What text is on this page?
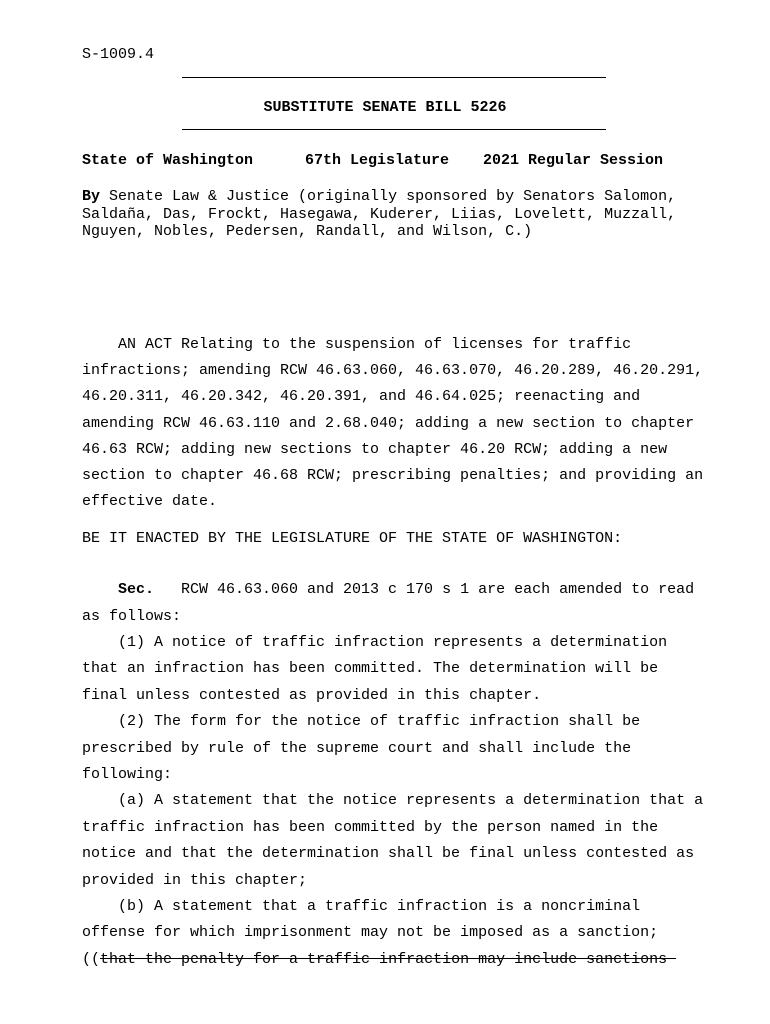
S-1009.4
SUBSTITUTE SENATE BILL 5226
State of Washington	67th Legislature 2021 Regular Session
By Senate Law & Justice (originally sponsored by Senators Salomon,
Saldaña, Das, Frockt, Hasegawa, Kuderer, Liias, Lovelett, Muzzall,
Nguyen, Nobles, Pedersen, Randall, and Wilson, C.)
AN ACT Relating to the suspension of licenses for traffic
infractions; amending RCW 46.63.060, 46.63.070, 46.20.289, 46.20.291,
46.20.311, 46.20.342, 46.20.391, and 46.64.025; reenacting and
amending RCW 46.63.110 and 2.68.040; adding a new section to chapter
46.63 RCW; adding new sections to chapter 46.20 RCW; adding a new
section to chapter 46.68 RCW; prescribing penalties; and providing an
effective date.
BE IT ENACTED BY THE LEGISLATURE OF THE STATE OF WASHINGTON:
Sec.   RCW 46.63.060 and 2013 c 170 s 1 are each amended to read
as follows:
(1) A notice of traffic infraction represents a determination
that an infraction has been committed. The determination will be
final unless contested as provided in this chapter.
(2) The form for the notice of traffic infraction shall be
prescribed by rule of the supreme court and shall include the
following:
(a) A statement that the notice represents a determination that a
traffic infraction has been committed by the person named in the
notice and that the determination shall be final unless contested as
provided in this chapter;
(b) A statement that a traffic infraction is a noncriminal
offense for which imprisonment may not be imposed as a sanction;
((that the penalty for a traffic infraction may include sanctions
